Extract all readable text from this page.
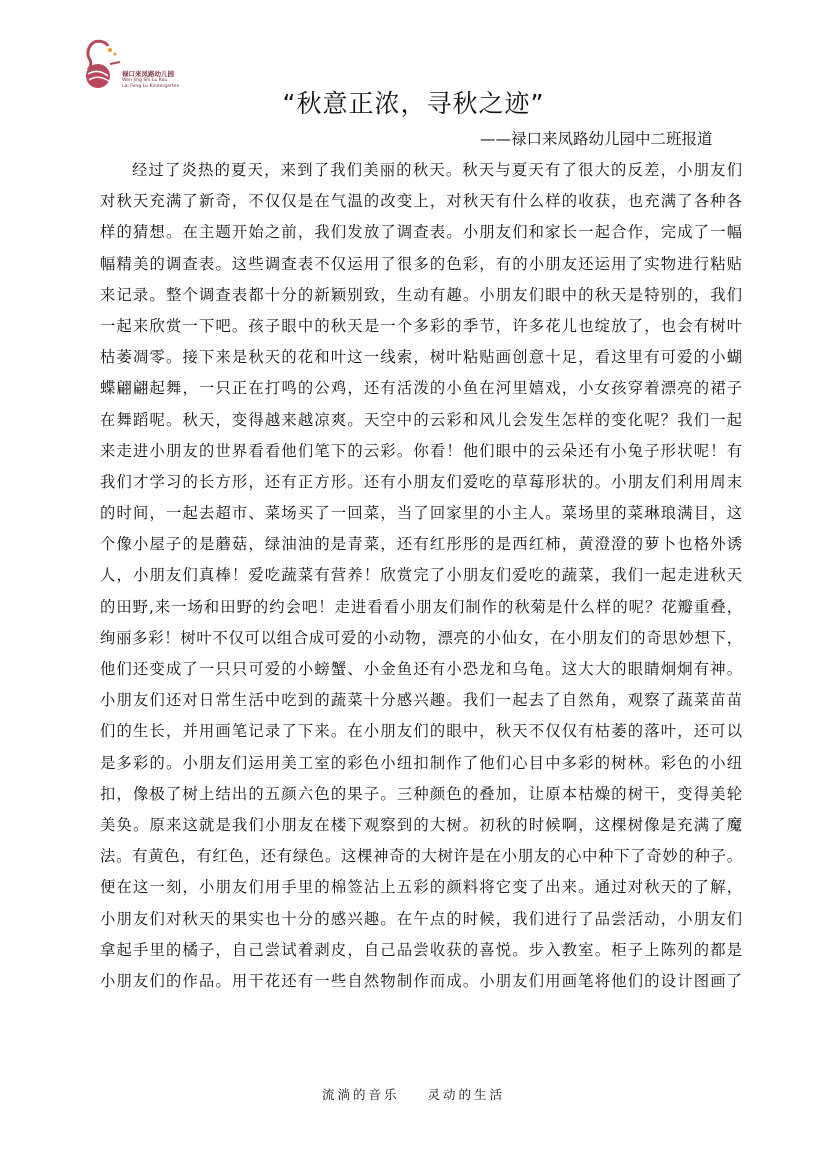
禄口来凤路幼儿园
Wen Jing Shi Lu Kou
Lai Feng Lu Kindergarten
“秋意正浓，寻秋之迹”
——禄口来凤路幼儿园中二班报道
经过了炎热的夏天，来到了我们美丽的秋天。秋天与夏天有了很大的反差，小朋友们
对秋天充满了新奇，不仅仅是在气温的改变上，对秋天有什么样的收获，也充满了各种各
样的猜想。在主题开始之前，我们发放了调查表。小朋友们和家长一起合作，完成了一幅
幅精美的调查表。这些调查表不仅运用了很多的色彩，有的小朋友还运用了实物进行粘贴
来记录。整个调查表都十分的新颖别致，生动有趣。小朋友们眼中的秋天是特别的，我们
一起来欣赏一下吧。孩子眼中的秋天是一个多彩的季节，许多花儿也绽放了，也会有树叶
枯萎凋零。接下来是秋天的花和叶这一线索，树叶粘贴画创意十足，看这里有可爱的小蝴
蝶翩翩起舞，一只正在打鸣的公鸡，还有活泼的小鱼在河里嬉戏，小女孩穿着漂亮的裙子
在舞蹈呢。秋天，变得越来越凉爽。天空中的云彩和风儿会发生怎样的变化呢？我们一起
来走进小朋友的世界看看他们笔下的云彩。你看！他们眼中的云朵还有小兔子形状呢！有
我们才学习的长方形，还有正方形。还有小朋友们爱吃的草莓形状的。小朋友们利用周末
的时间，一起去超市、菜场买了一回菜，当了回家里的小主人。菜场里的菜琳琅满目，这
个像小屋子的是蘑菇，绿油油的是青菜，还有红彤彤的是西红柿，黄澄澄的萝卜也格外诱
人，小朋友们真棒！爱吃蔬菜有营养！欣赏完了小朋友们爱吃的蔬菜，我们一起走进秋天
的田野,来一场和田野的约会吧！走进看看小朋友们制作的秋菊是什么样的呢？花瓣重叠，
绚丽多彩！树叶不仅可以组合成可爱的小动物，漂亮的小仙女，在小朋友们的奇思妙想下，
他们还变成了一只只可爱的小螃蟹、小金鱼还有小恐龙和乌龟。这大大的眼睛炯炯有神。
小朋友们还对日常生活中吃到的蔬菜十分感兴趣。我们一起去了自然角，观察了蔬菜苗苗
们的生长，并用画笔记录了下来。在小朋友们的眼中，秋天不仅仅有枯萎的落叶，还可以
是多彩的。小朋友们运用美工室的彩色小纽扣制作了他们心目中多彩的树林。彩色的小纽
扣，像极了树上结出的五颜六色的果子。三种颜色的叠加，让原本枯燥的树干，变得美轮
美奂。原来这就是我们小朋友在楼下观察到的大树。初秋的时候啊，这棵树像是充满了魔
法。有黄色，有红色，还有绿色。这棵神奇的大树许是在小朋友的心中种下了奇妙的种子。
便在这一刻，小朋友们用手里的棉签沾上五彩的颜料将它变了出来。通过对秋天的了解，
小朋友们对秋天的果实也十分的感兴趣。在午点的时候，我们进行了品尝活动，小朋友们
拿起手里的橘子，自己尝试着剥皮，自己品尝收获的喜悦。步入教室。柜子上陈列的都是
小朋友们的作品。用干花还有一些自然物制作而成。小朋友们用画笔将他们的设计图画了
流淌的音乐    灵动的生活
